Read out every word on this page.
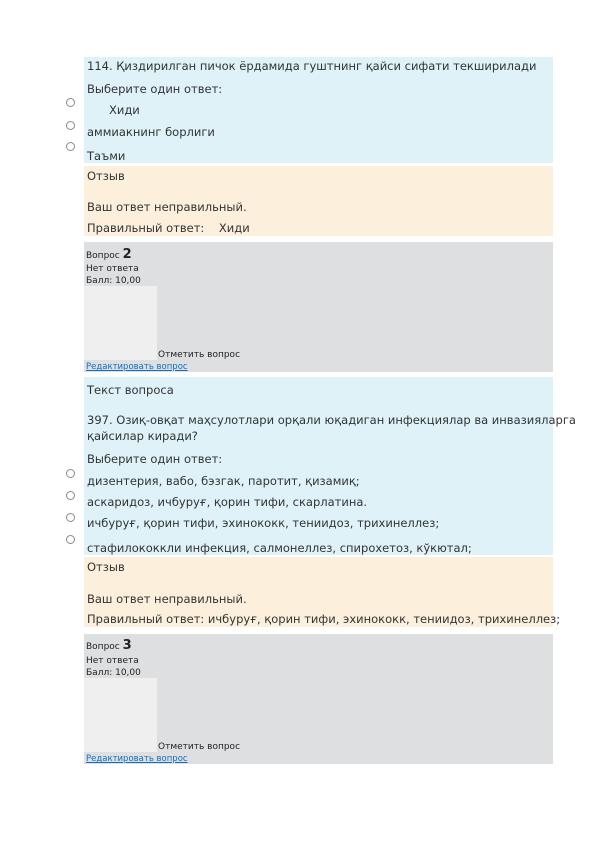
114. Қиздирилган пичок ёрдамида гуштнинг қайси сифати текширилади
Выберите один ответ:
Хиди
аммиакнинг борлиги
Таъми
Отзыв
Ваш ответ неправильный.
Правильный ответ:    Хиди
Вопрос 2
Нет ответа
Балл: 10,00
Отметить вопрос
Редактировать вопрос
Текст вопроса
397. Озиқ-овқат маҳсулотлари орқали юқадиган инфекциялар ва инвазияларга
қайсилар киради?
Выберите один ответ:
дизентерия, вабо, бэзгак, паротит, қизамиқ;
аскаридоз, ичбуруғ, қорин тифи, скарлатина.
ичбуруғ, қорин тифи, эхинококк, тениидоз, трихинеллез;
стафилококкли инфекция, салмонеллез, спирохетоз, кўкютал;
Отзыв
Ваш ответ неправильный.
Правильный ответ: ичбуруғ, қорин тифи, эхинококк, тениидоз, трихинеллез;
Вопрос 3
Нет ответа
Балл: 10,00
Отметить вопрос
Редактировать вопрос
